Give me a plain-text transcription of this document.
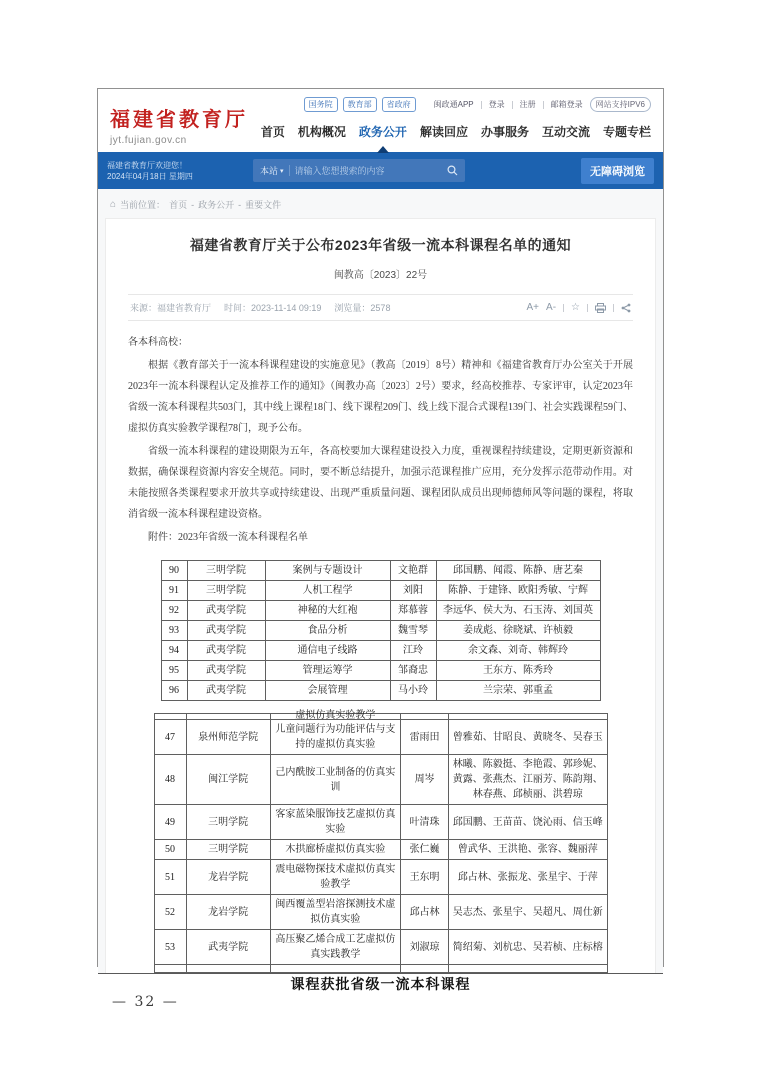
福建省教育厅
jyt.fujian.gov.cn
国务院	教育部	省政府	闽政通APP 登录 注册 邮箱登录	网站支持IPV6
首页 机构概况 政务公开 解读回应 办事服务 互动交流 专题专栏
福建省教育厅欢迎您！
2024年04月18日 星期四	本站 ▾
请输入您想搜索的内容	无障碍浏览
⌂ 当前位置： 首页 - 政务公开 - 重要文件
福建省教育厅关于公布2023年省级一流本科课程名单的通知
闽教高〔2023〕22号
来源：福建省教育厅 时间：2023-11-14 09:19 浏览量：2578	A+ A- ☆

各本科高校：

根据《教育部关于一流本科课程建设的实施意见》（教高〔2019〕8号）精神和《福建省教育厅办公室关于开展2023年一流本科课程认定及推荐工作的通知》（闽教办高〔2023〕2号）要求，经高校推荐、专家评审，认定2023年省级一流本科课程共503门，其中线上课程18门、线下课程209门、线上线下混合式课程139门、社会实践课程59门、虚拟仿真实验教学课程78门，现予公布。

省级一流本科课程的建设期限为五年，各高校要加大课程建设投入力度，重视课程持续建设，定期更新资源和数据，确保课程资源内容安全规范。同时，要不断总结提升，加强示范课程推广应用，充分发挥示范带动作用。对未能按照各类课程要求开放共享或持续建设、出现严重质量问题、课程团队成员出现师德师风等问题的课程，将取消省级一流本科课程建设资格。

附件：2023年省级一流本科课程名单

90	三明学院	案例与专题设计	文艳群	邱国鹏、闻霞、陈静、唐艺秦
91	三明学院	人机工程学	刘阳	陈静、于建锋、欧阳秀敏、宁辉
92	武夷学院	神秘的大红袍	郑慕蓉	李远华、侯大为、石玉涛、刘国英
93	武夷学院	食品分析	魏雪琴	姜成彪、徐晓斌、许桢毅
94	武夷学院	通信电子线路	江玲	余文森、刘奇、韩辉玲
95	武夷学院	管理运筹学	邹裔忠	王东方、陈秀玲
96	武夷学院	会展管理	马小玲	兰宗荣、郭重孟

		虚拟仿真实验教学		

47	泉州师范学院	儿童问题行为功能评估与支持的虚拟仿真实验	雷雨田	曾雅茹、甘昭良、黄晓冬、吴春玉
48	闽江学院	己内酰胺工业制备的仿真实训	周岑	林曦、陈毅挺、李艳霞、郭珍妮、黄露、张燕杰、江丽芳、陈韵翔、林春燕、邱桢丽、洪碧琼
49	三明学院	客家蓝染服饰技艺虚拟仿真实验	叶清珠	邱国鹏、王苗苗、饶沁雨、信玉峰
50	三明学院	木拱廊桥虚拟仿真实验	张仁巍	曾武华、王洪艳、张容、魏丽萍
51	龙岩学院	震电磁物探技术虚拟仿真实验教学	王东明	邱占林、张振龙、张星宇、于萍
52	龙岩学院	闽西覆盖型岩溶探测技术虚拟仿真实验	邱占林	吴志杰、张星宇、吴超凡、周仕新
53	武夷学院	高压聚乙烯合成工艺虚拟仿真实践教学	刘淑琼	简绍菊、刘杭忠、吴若桢、庄标榕

课程获批省级一流本科课程
— 32 —
